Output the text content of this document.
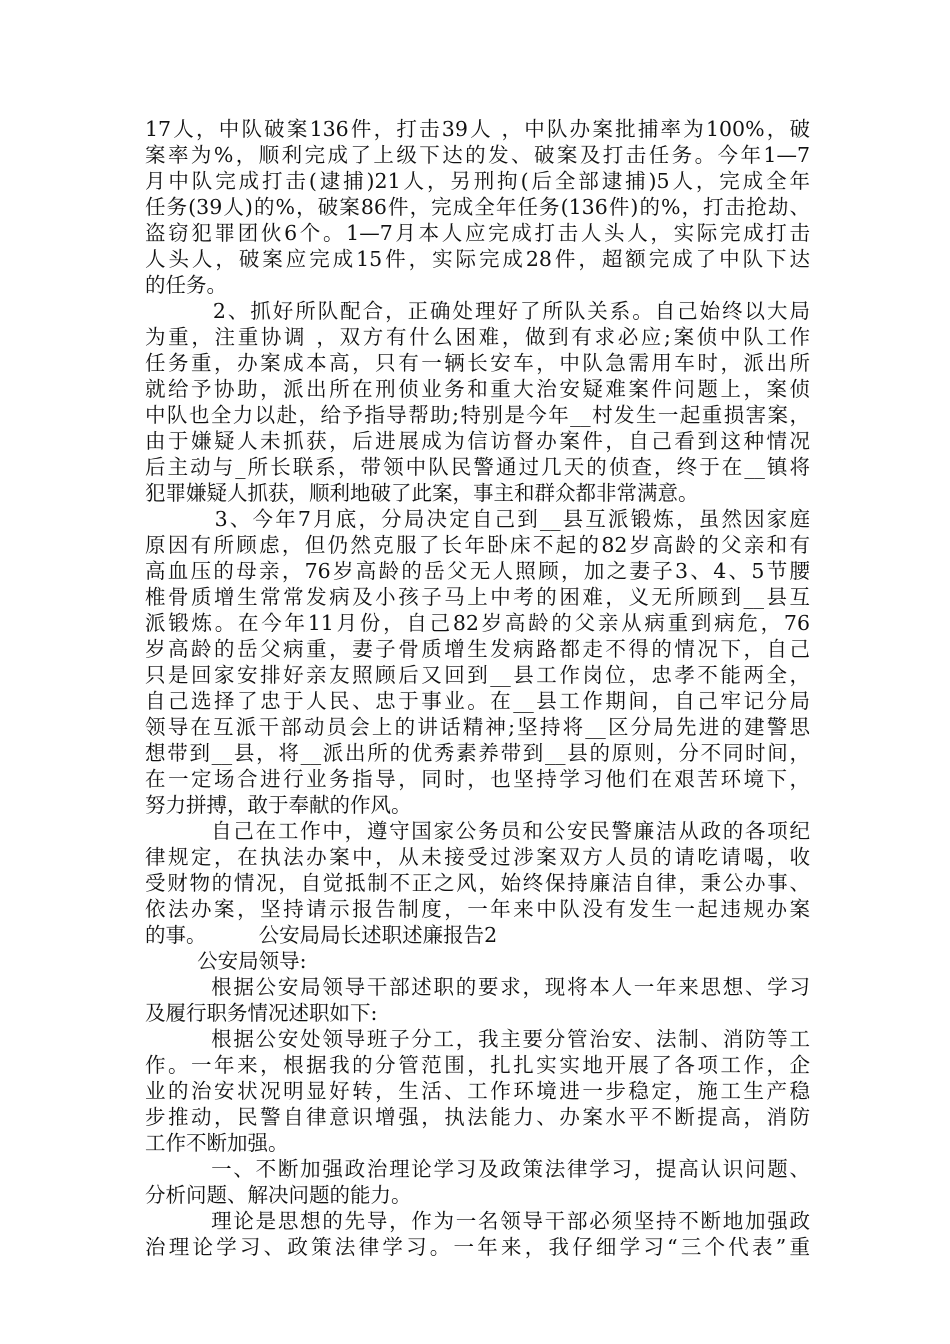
17人，中队破案136件，打击39人 ，中队办案批捕率为100%，破
案率为%，顺利完成了上级下达的发、破案及打击任务。今年1—7
月中队完成打击(逮捕)21人，另刑拘(后全部逮捕)5人，完成全年
任务(39人)的%，破案86件，完成全年任务(136件)的%，打击抢劫、
盗窃犯罪团伙6个。1—7月本人应完成打击人头人，实际完成打击
人头人，破案应完成15件，实际完成28件，超额完成了中队下达
的任务。
2、抓好所队配合，正确处理好了所队关系。自己始终以大局
为重，注重协调 ，双方有什么困难，做到有求必应;案侦中队工作
任务重，办案成本高，只有一辆长安车，中队急需用车时，派出所
就给予协助，派出所在刑侦业务和重大治安疑难案件问题上，案侦
中队也全力以赴，给予指导帮助;特别是今年__村发生一起重损害案，
由于嫌疑人未抓获，后进展成为信访督办案件，自己看到这种情况
后主动与_所长联系，带领中队民警通过几天的侦查，终于在__镇将
犯罪嫌疑人抓获，顺利地破了此案，事主和群众都非常满意。
3、今年7月底，分局决定自己到__县互派锻炼，虽然因家庭
原因有所顾虑，但仍然克服了长年卧床不起的82岁高龄的父亲和有
高血压的母亲，76岁高龄的岳父无人照顾，加之妻子3、4、5节腰
椎骨质增生常常发病及小孩子马上中考的困难，义无所顾到__县互
派锻炼。在今年11月份，自己82岁高龄的父亲从病重到病危，76
岁高龄的岳父病重，妻子骨质增生发病路都走不得的情况下，自己
只是回家安排好亲友照顾后又回到__县工作岗位，忠孝不能两全，
自己选择了忠于人民、忠于事业。在__县工作期间，自己牢记分局
领导在互派干部动员会上的讲话精神;坚持将__区分局先进的建警思
想带到__县，将__派出所的优秀素养带到__县的原则，分不同时间，
在一定场合进行业务指导，同时，也坚持学习他们在艰苦环境下，
努力拼搏，敢于奉献的作风。
自己在工作中，遵守国家公务员和公安民警廉洁从政的各项纪
律规定，在执法办案中，从未接受过涉案双方人员的请吃请喝，收
受财物的情况，自觉抵制不正之风，始终保持廉洁自律，秉公办事、
依法办案，坚持请示报告制度，一年来中队没有发生一起违规办案
的事。        公安局局长述职述廉报告2
公安局领导:
根据公安局领导干部述职的要求，现将本人一年来思想、学习
及履行职务情况述职如下:
根据公安处领导班子分工，我主要分管治安、法制、消防等工
作。一年来，根据我的分管范围，扎扎实实地开展了各项工作，企
业的治安状况明显好转，生活、工作环境进一步稳定，施工生产稳
步推动，民警自律意识增强，执法能力、办案水平不断提高，消防
工作不断加强。
一、不断加强政治理论学习及政策法律学习，提高认识问题、
分析问题、解决问题的能力。
理论是思想的先导，作为一名领导干部必须坚持不断地加强政
治理论学习、政策法律学习。一年来，我仔细学习“三个代表”重
